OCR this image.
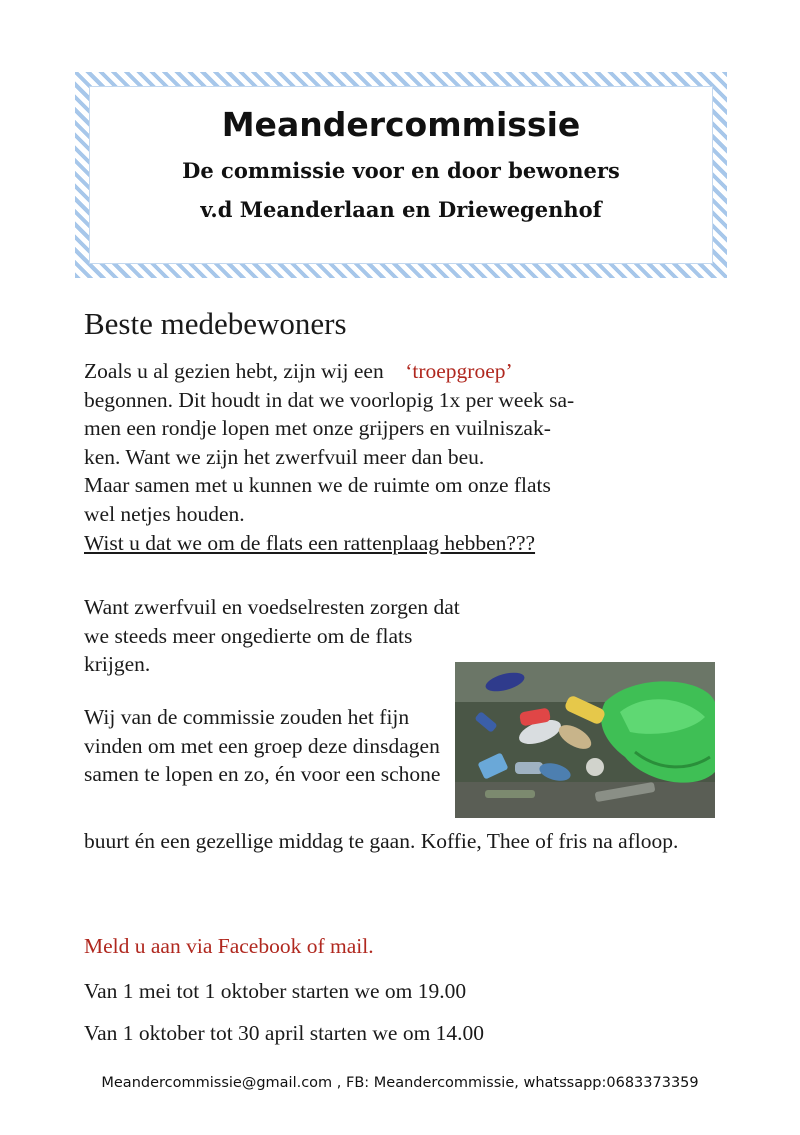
Meandercommissie
De commissie voor en door bewoners
v.d Meanderlaan en Driewegenhof
Beste medebewoners
Zoals u al gezien hebt, zijn wij een ‘troepgroep’
begonnen. Dit houdt in dat we voorlopig 1x per week sa-
men een rondje lopen met onze grijpers en vuilniszak-
ken. Want we zijn het zwerfvuil meer dan beu.
Maar samen met u kunnen we de ruimte om onze flats
wel netjes houden.
Wist u dat we om de flats een rattenplaag hebben???
Want zwerfvuil en voedselresten zorgen dat we steeds meer ongedierte om de flats krijgen.
Wij van de commissie zouden het fijn vinden om met een groep deze dinsdagen samen te lopen en zo, én voor een schone
buurt én een gezellige middag te gaan. Koffie, Thee of fris na afloop.
Meld u aan via Facebook of mail.
Van 1 mei tot 1 oktober starten we om 19.00
Van 1 oktober tot 30 april starten we om 14.00
Meandercommissie@gmail.com , FB: Meandercommissie, whatssapp:0683373359
